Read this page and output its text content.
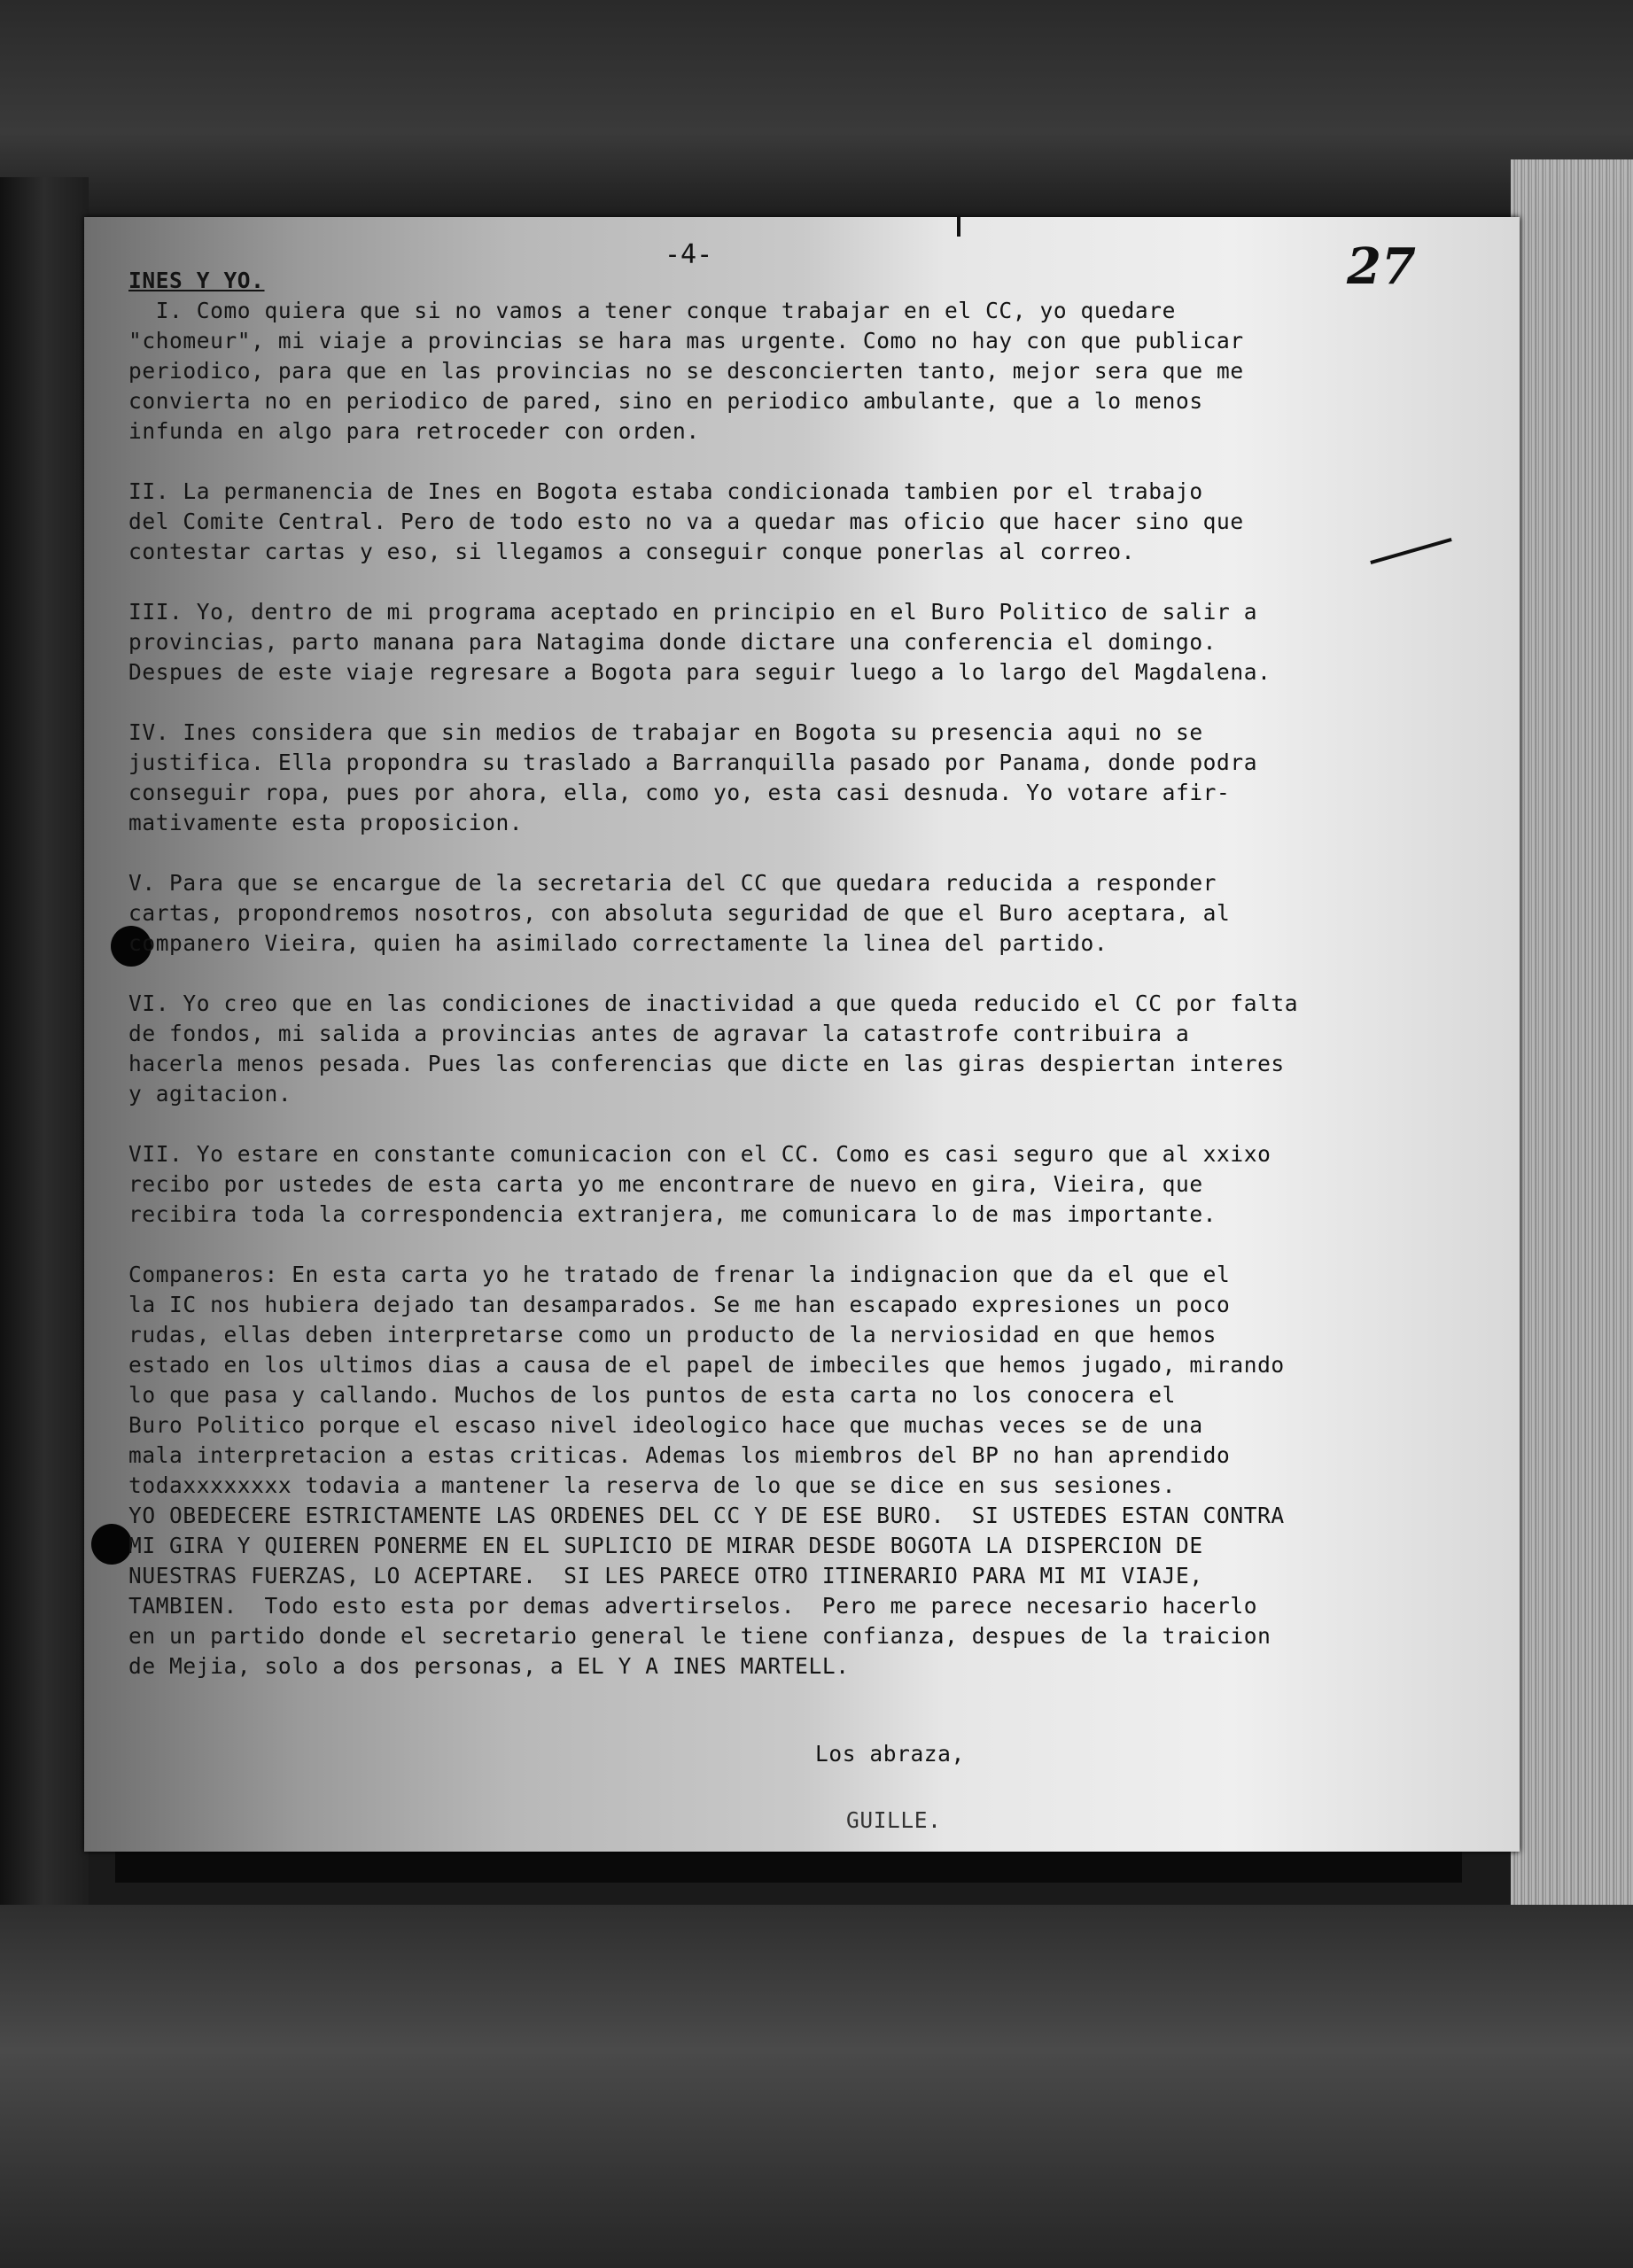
-4-	27
INES Y YO.

I. Como quiera que si no vamos a tener conque trabajar en el CC, yo quedare
"chomeur", mi viaje a provincias se hara mas urgente. Como no hay con que publicar
periodico, para que en las provincias no se desconcierten tanto, mejor sera que me
convierta no en periodico de pared, sino en periodico ambulante, que a lo menos
infunda en algo para retroceder con orden.

II. La permanencia de Ines en Bogota estaba condicionada tambien por el trabajo
del Comite Central. Pero de todo esto no va a quedar mas oficio que hacer sino que
contestar cartas y eso, si llegamos a conseguir conque ponerlas al correo.

III. Yo, dentro de mi programa aceptado en principio en el Buro Politico de salir a
provincias, parto manana para Natagima donde dictare una conferencia el domingo.
Despues de este viaje regresare a Bogota para seguir luego a lo largo del Magdalena.

IV. Ines considera que sin medios de trabajar en Bogota su presencia aqui no se
justifica. Ella propondra su traslado a Barranquilla pasado por Panama, donde podra
conseguir ropa, pues por ahora, ella, como yo, esta casi desnuda. Yo votare afir-
mativamente esta proposicion.

V. Para que se encargue de la secretaria del CC que quedara reducida a responder
cartas, propondremos nosotros, con absoluta seguridad de que el Buro aceptara, al
companero Vieira, quien ha asimilado correctamente la linea del partido.

VI. Yo creo que en las condiciones de inactividad a que queda reducido el CC por falta
de fondos, mi salida a provincias antes de agravar la catastrofe contribuira a
hacerla menos pesada. Pues las conferencias que dicte en las giras despiertan interes
y agitacion.

VII. Yo estare en constante comunicacion con el CC. Como es casi seguro que al xxixo
recibo por ustedes de esta carta yo me encontrare de nuevo en gira, Vieira, que
recibira toda la correspondencia extranjera, me comunicara lo de mas importante.

Companeros: En esta carta yo he tratado de frenar la indignacion que da el que el
la IC nos hubiera dejado tan desamparados. Se me han escapado expresiones un poco
rudas, ellas deben interpretarse como un producto de la nerviosidad en que hemos
estado en los ultimos dias a causa de el papel de imbeciles que hemos jugado, mirando
lo que pasa y callando. Muchos de los puntos de esta carta no los conocera el
Buro Politico porque el escaso nivel ideologico hace que muchas veces se de una
mala interpretacion a estas criticas. Ademas los miembros del BP no han aprendido
todaxxxxxxxx todavia a mantener la reserva de lo que se dice en sus sesiones.

YO OBEDECERE ESTRICTAMENTE LAS ORDENES DEL CC Y DE ESE BURO.  SI USTEDES ESTAN CONTRA
MI GIRA Y QUIEREN PONERME EN EL SUPLICIO DE MIRAR DESDE BOGOTA LA DISPERCION DE
NUESTRAS FUERZAS, LO ACEPTARE.  SI LES PARECE OTRO ITINERARIO PARA MI MI VIAJE,
TAMBIEN.  Todo esto esta por demas advertirselos.  Pero me parece necesario hacerlo
en un partido donde el secretario general le tiene confianza, despues de la traicion
de Mejia, solo a dos personas, a EL Y A INES MARTELL.

Los abraza,
GUILLE.
